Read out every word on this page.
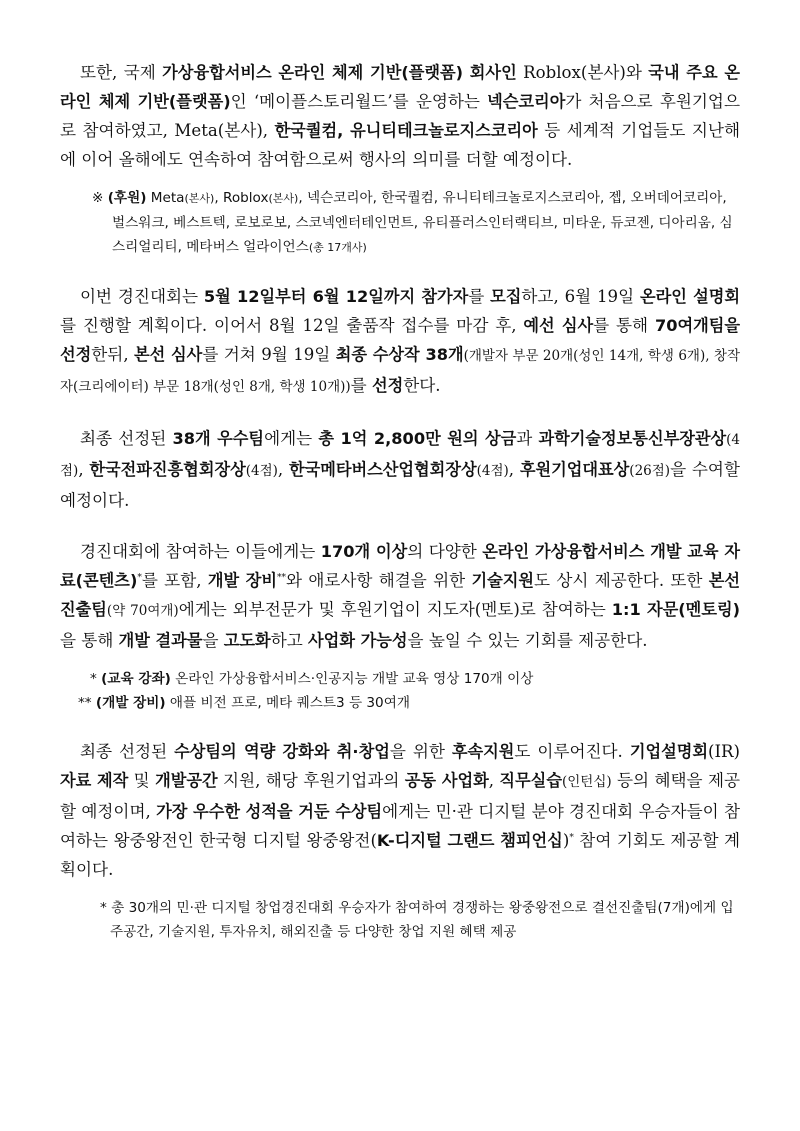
또한, 국제 가상융합서비스 온라인 체제 기반(플랫폼) 회사인 Roblox(본사)와 국내 주요 온라인 체제 기반(플랫폼)인 ‘메이플스토리월드’를 운영하는 넥슨코리아가 처음으로 후원기업으로 참여하였고, Meta(본사), 한국퀄컴, 유니티테크놀로지스코리아 등 세계적 기업들도 지난해에 이어 올해에도 연속하여 참여함으로써 행사의 의미를 더할 예정이다.

※ (후원) Meta(본사), Roblox(본사), 넥슨코리아, 한국퀄컴, 유니티테크놀로지스코리아, 젭, 오버데어코리아, 벌스워크, 베스트텍, 로보로보, 스코넥엔터테인먼트, 유티플러스인터랙티브, 미타운, 듀코젠, 디아리움, 심스리얼리티, 메타버스 얼라이언스(총 17개사)

이번 경진대회는 5월 12일부터 6월 12일까지 참가자를 모집하고, 6월 19일 온라인 설명회를 진행할 계획이다. 이어서 8월 12일 출품작 접수를 마감 후, 예선 심사를 통해 70여개팀을 선정한뒤, 본선 심사를 거쳐 9월 19일 최종 수상작 38개(개발자 부문 20개(성인 14개, 학생 6개), 창작자(크리에이터) 부문 18개(성인 8개, 학생 10개))를 선정한다.

최종 선정된 38개 우수팀에게는 총 1억 2,800만 원의 상금과 과학기술정보통신부장관상(4점), 한국전파진흥협회장상(4점), 한국메타버스산업협회장상(4점), 후원기업대표상(26점)을 수여할 예정이다.

경진대회에 참여하는 이들에게는 170개 이상의 다양한 온라인 가상융합서비스 개발 교육 자료(콘텐츠)*를 포함, 개발 장비**와 애로사항 해결을 위한 기술지원도 상시 제공한다. 또한 본선 진출팀(약 70여개)에게는 외부전문가 및 후원기업이 지도자(멘토)로 참여하는 1:1 자문(멘토링)을 통해 개발 결과물을 고도화하고 사업화 가능성을 높일 수 있는 기회를 제공한다.

* (교육 강좌) 온라인 가상융합서비스·인공지능 개발 교육 영상 170개 이상

** (개발 장비) 애플 비전 프로, 메타 퀘스트3 등 30여개

최종 선정된 수상팀의 역량 강화와 취·창업을 위한 후속지원도 이루어진다. 기업설명회(IR) 자료 제작 및 개발공간 지원, 해당 후원기업과의 공동 사업화, 직무실습(인턴십) 등의 혜택을 제공할 예정이며, 가장 우수한 성적을 거둔 수상팀에게는 민·관 디지털 분야 경진대회 우승자들이 참여하는 왕중왕전인 한국형 디지털 왕중왕전(K-디지털 그랜드 챔피언십)* 참여 기회도 제공할 계획이다.

* 총 30개의 민·관 디지털 창업경진대회 우승자가 참여하여 경쟁하는 왕중왕전으로 결선진출팀(7개)에게 입주공간, 기술지원, 투자유치, 해외진출 등 다양한 창업 지원 혜택 제공
